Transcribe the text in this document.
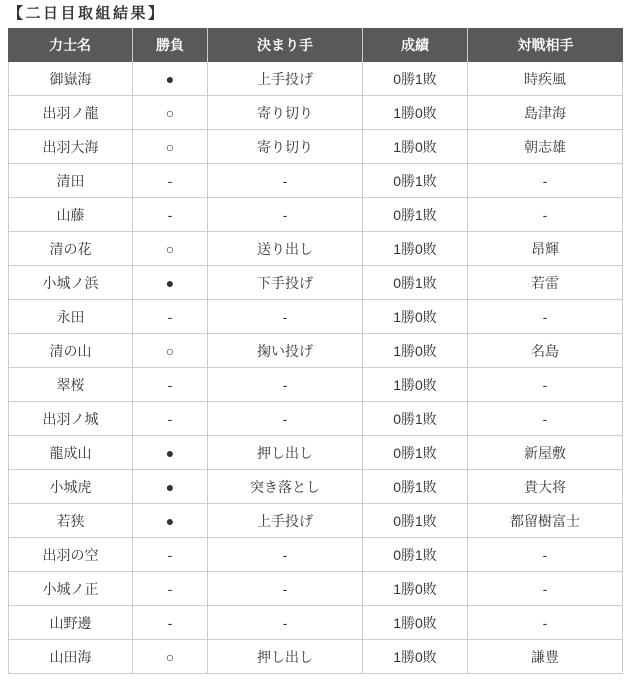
【二日目取組結果】
力士名	勝負	決まり手	成績	対戦相手
御嶽海	●	上手投げ	0勝1敗	時疾風
出羽ノ龍	○	寄り切り	1勝0敗	島津海
出羽大海	○	寄り切り	1勝0敗	朝志雄
清田	-	-	0勝1敗	-
山藤	-	-	0勝1敗	-
清の花	○	送り出し	1勝0敗	昂輝
小城ノ浜	●	下手投げ	0勝1敗	若雷
永田	-	-	1勝0敗	-
清の山	○	掬い投げ	1勝0敗	名島
翠桜	-	-	1勝0敗	-
出羽ノ城	-	-	0勝1敗	-
龍成山	●	押し出し	0勝1敗	新屋敷
小城虎	●	突き落とし	0勝1敗	貴大将
若狭	●	上手投げ	0勝1敗	都留樹富士
出羽の空	-	-	0勝1敗	-
小城ノ正	-	-	1勝0敗	-
山野邊	-	-	1勝0敗	-
山田海	○	押し出し	1勝0敗	謙豊
